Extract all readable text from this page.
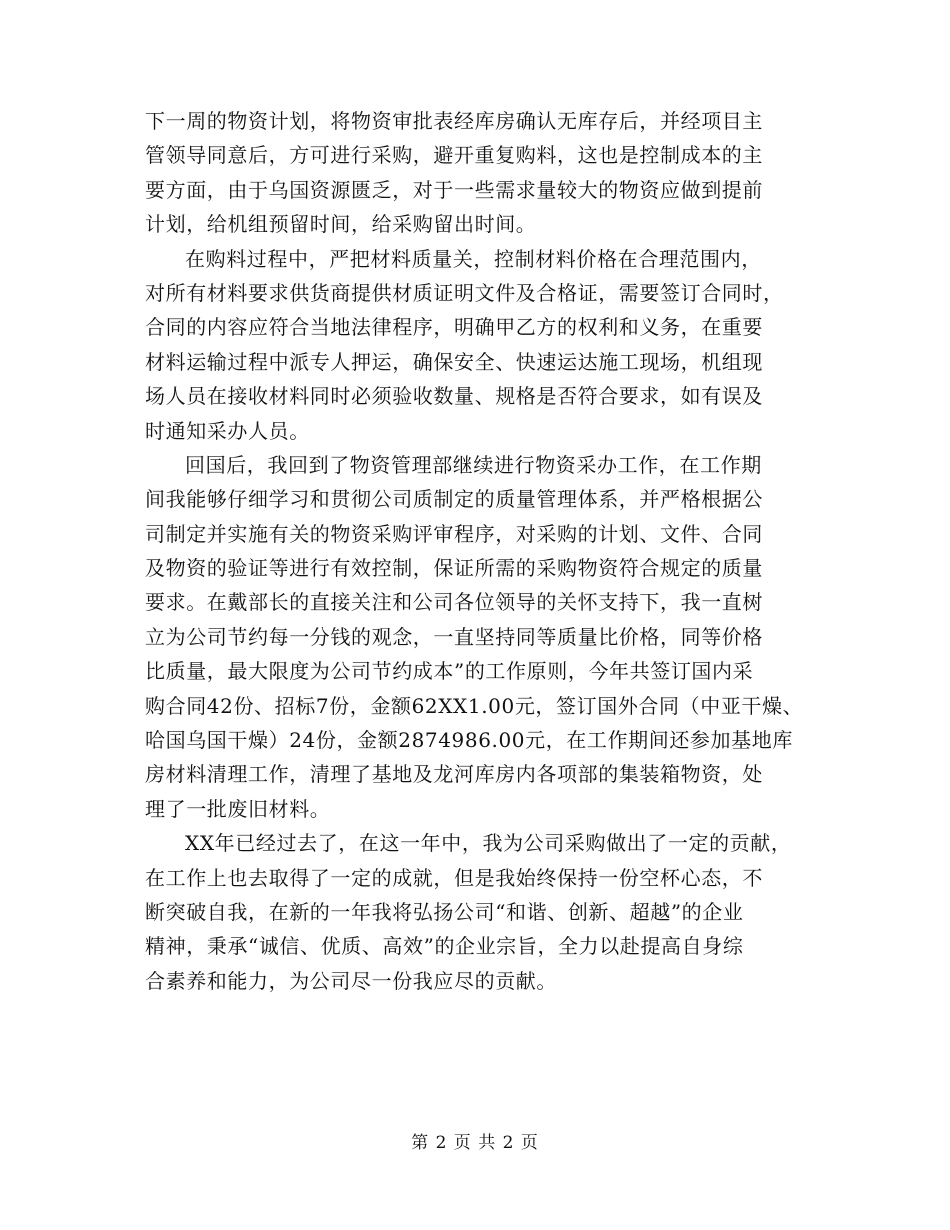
下一周的物资计划，将物资审批表经库房确认无库存后，并经项目主
管领导同意后，方可进行采购，避开重复购料，这也是控制成本的主
要方面，由于乌国资源匮乏，对于一些需求量较大的物资应做到提前
计划，给机组预留时间，给采购留出时间。
在购料过程中，严把材料质量关，控制材料价格在合理范围内，
对所有材料要求供货商提供材质证明文件及合格证，需要签订合同时，
合同的内容应符合当地法律程序，明确甲乙方的权利和义务，在重要
材料运输过程中派专人押运，确保安全、快速运达施工现场，机组现
场人员在接收材料同时必须验收数量、规格是否符合要求，如有误及
时通知采办人员。
回国后，我回到了物资管理部继续进行物资采办工作，在工作期
间我能够仔细学习和贯彻公司质制定的质量管理体系，并严格根据公
司制定并实施有关的物资采购评审程序，对采购的计划、文件、合同
及物资的验证等进行有效控制，保证所需的采购物资符合规定的质量
要求。在戴部长的直接关注和公司各位领导的关怀支持下，我一直树
立为公司节约每一分钱的观念，一直坚持同等质量比价格，同等价格
比质量，最大限度为公司节约成本”的工作原则，今年共签订国内采
购合同42份、招标7份，金额62XX1.00元，签订国外合同（中亚干燥、
哈国乌国干燥）24份，金额2874986.00元，在工作期间还参加基地库
房材料清理工作，清理了基地及龙河库房内各项部的集装箱物资，处
理了一批废旧材料。
XX年已经过去了，在这一年中，我为公司采购做出了一定的贡献，
在工作上也去取得了一定的成就，但是我始终保持一份空杯心态，不
断突破自我，在新的一年我将弘扬公司“和谐、创新、超越”的企业
精神，秉承“诚信、优质、高效”的企业宗旨，全力以赴提高自身综
合素养和能力，为公司尽一份我应尽的贡献。
第 2 页 共 2 页
